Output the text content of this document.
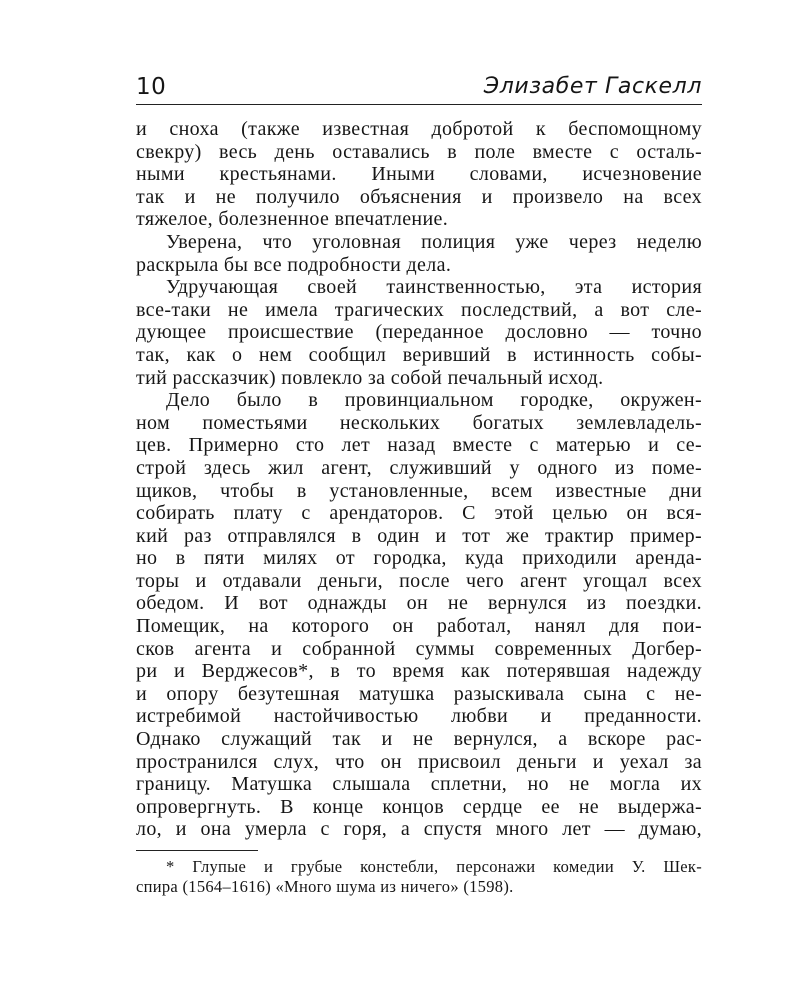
10	Элизабет Гаскелл
и сноха (также известная добротой к беспомощному
свекру) весь день оставались в поле вместе с осталь-
ными крестьянами. Иными словами, исчезновение
так и не получило объяснения и произвело на всех
тяжелое, болезненное впечатление.
Уверена, что уголовная полиция уже через неделю
раскрыла бы все подробности дела.
Удручающая своей таинственностью, эта история
все-таки не имела трагических последствий, а вот сле-
дующее происшествие (переданное дословно — точно
так, как о нем сообщил веривший в истинность собы-
тий рассказчик) повлекло за собой печальный исход.
Дело было в провинциальном городке, окружен-
ном поместьями нескольких богатых землевладель-
цев. Примерно сто лет назад вместе с матерью и се-
строй здесь жил агент, служивший у одного из поме-
щиков, чтобы в установленные, всем известные дни
собирать плату с арендаторов. С этой целью он вся-
кий раз отправлялся в один и тот же трактир пример-
но в пяти милях от городка, куда приходили аренда-
торы и отдавали деньги, после чего агент угощал всех
обедом. И вот однажды он не вернулся из поездки.
Помещик, на которого он работал, нанял для пои-
сков агента и собранной суммы современных Догбер-
ри и Верджесов*, в то время как потерявшая надежду
и опору безутешная матушка разыскивала сына с не-
истребимой настойчивостью любви и преданности.
Однако служащий так и не вернулся, а вскоре рас-
пространился слух, что он присвоил деньги и уехал за
границу. Матушка слышала сплетни, но не могла их
опровергнуть. В конце концов сердце ее не выдержа-
ло, и она умерла с горя, а спустя много лет — думаю,
* Глупые и грубые констебли, персонажи комедии У. Шек-
спира (1564–1616) «Много шума из ничего» (1598).
